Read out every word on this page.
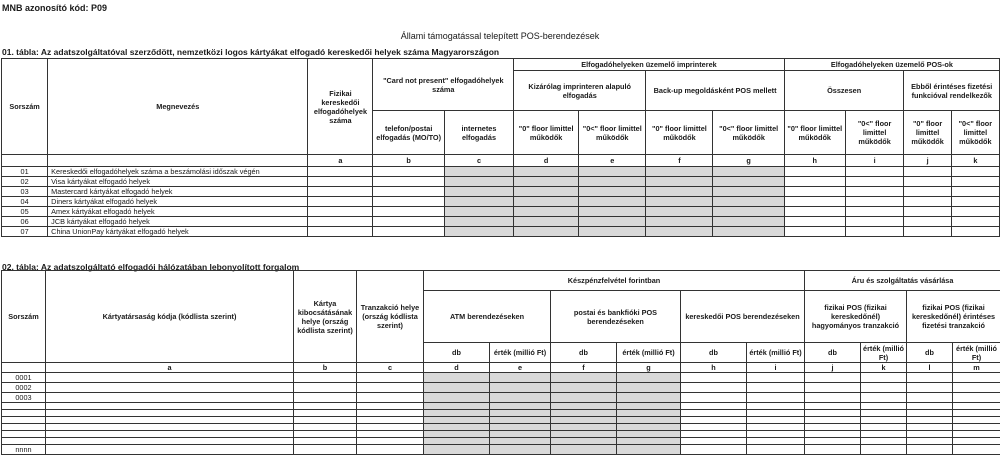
MNB azonosító kód: P09
Állami támogatással telepített POS-berendezések
01. tábla: Az adatszolgáltatóval szerződött, nemzetközi logos kártyákat elfogadó kereskedői helyek száma Magyarországon
Sorszám	Megnevezés	Fizikai kereskedői elfogadóhelyek száma	"Card not present" elfogadóhelyek száma		Elfogadóhelyeken üzemelő imprinterek				Elfogadóhelyeken üzemelő POS-ok			
					Kizárólag imprinteren alapuló elfogadás		Back-up megoldásként POS mellett		Összesen		Ebből érintéses fizetési funkcióval rendelkezők	

			telefon/postai elfogadás (MO/TO)	internetes elfogadás	"0" floor limittel működők	"0<" floor limittel működők	"0" floor limittel működők	"0<" floor limittel működők	"0" floor limittel működők	"0<" floor limittel működők	"0" floor limittel működők	"0<" floor limittel működők
		a	b	c	d	e	f	g	h	i	j	k
01	Kereskedői elfogadóhelyek száma a beszámolási időszak végén											
02	Visa kártyákat elfogadó helyek											
03	Mastercard kártyákat elfogadó helyek											
04	Diners kártyákat elfogadó helyek											
05	Amex kártyákat elfogadó helyek											
06	JCB kártyákat elfogadó helyek											
07	China UnionPay kártyákat elfogadó helyek											
02. tábla: Az adatszolgáltató elfogadói hálózatában lebonyolított forgalom
Sorszám	Kártyatársaság kódja (kódlista szerint)	Kártya kibocsátásának helye (ország kódlista szerint)	Tranzakció helye (ország kódlista szerint)	Készpénzfelvétel forintban						Áru és szolgáltatás vásárlása			
				ATM berendezéseken		postai és bankfióki POS berendezéseken		kereskedői POS berendezéseken		fizikai POS (fizikai kereskedőnél) hagyományos tranzakció		fizikai POS (fizikai kereskedőnél) érintéses fizetési tranzakció	

				db	érték (millió Ft)	db	érték (millió Ft)	db	érték (millió Ft)	db	érték (millió Ft)	db	érték (millió Ft)
	a	b	c	d	e	f	g	h	i	j	k	l	m
0001													
0002													
0003													

nnnn													
